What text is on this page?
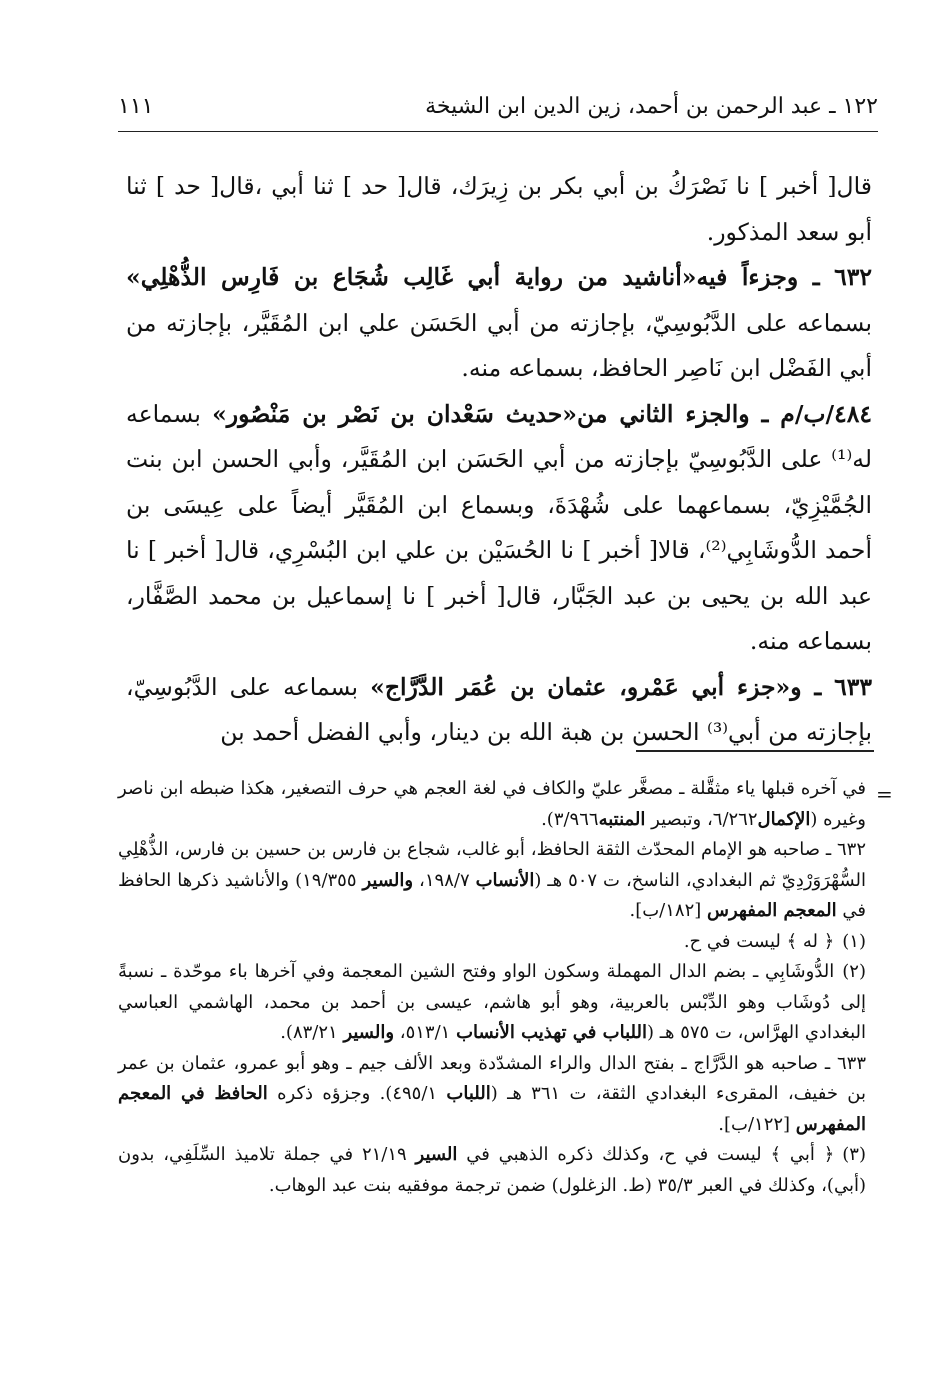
١٢٢ ـ عبد الرحمن بن أحمد، زين الدين ابن الشيخة
١١١

قال[ أخبر ] نا نَصْرَكُ بن أبي بكر بن زِيرَك، قال[ حد ] ثنا أبي ،قال[ حد ] ثنا أبو سعد المذكور.

٦٣٢ ـ وجزءاً فيه«أناشيد من رواية أبي غَالِب شُجَاع بن فَارِس الذُّهْلِي» بسماعه على الدَّبُوسِيّ، بإجازته من أبي الحَسَن علي ابن المُقَيَّر، بإجازته من أبي الفَضْل ابن نَاصِر الحافظ، بسماعه منه.

٤٨٤/ب/م ـ والجزء الثاني من«حديث سَعْدان بن نَصْر بن مَنْصُور» بسماعه له⁽¹⁾ على الدَّبُوسِيّ بإجازته من أبي الحَسَن ابن المُقَيَّر، وأبي الحسن ابن بنت الجُمَّيْزِيّ، بسماعهما على شُهْدَةَ، وبسماع ابن المُقَيَّر أيضاً على عِيسَى بن أحمد الدُّوشَابِي⁽²⁾، قالا[ أخبر ] نا الحُسَيْن بن علي ابن البُسْرِي، قال[ أخبر ] نا عبد الله بن يحيى بن عبد الجَبَّار، قال[ أخبر ] نا إسماعيل بن محمد الصَّفَّار، بسماعه منه.

٦٣٣ ـ و«جزء أبي عَمْرو، عثمان بن عُمَر الدَّرَّاج» بسماعه على الدَّبُوسِيّ، بإجازته من أبي⁽³⁾ الحسن بن هبة الله بن دينار، وأبي الفضل أحمد بن

=

في آخره قبلها ياء مثقَّلة ـ مصغَّر عليّ والكاف في لغة العجم هي حرف التصغير، هكذا ضبطه ابن ناصر وغيره (الإكمال٦/٢٦٢، وتبصير المنتبه٣/٩٦٦).

٦٣٢ ـ صاحبه هو الإمام المحدّث الثقة الحافظ، أبو غالب، شجاع بن فارس بن حسين بن فارس، الذُّهْلِي السُّهْرَوَرْدِيّ ثم البغدادي، الناسخ، ت ٥٠٧ هـ (الأنساب ١٩٨/٧، والسير ١٩/٣٥٥) والأناشيد ذكرها الحافظ في المعجم المفهرس [١٨٢/ب].

(١)﴿ له ﴾ ليست في ح.

(٢)الدُّوشَابِي ـ بضم الدال المهملة وسكون الواو وفتح الشين المعجمة وفي آخرها باء موحّدة ـ نسبةً إلى دُوشَاب وهو الدِّبْس بالعربية، وهو أبو هاشم، عيسى بن أحمد بن محمد، الهاشمي العباسي البغدادي الهرَّاس، ت ٥٧٥ هـ (اللباب في تهذيب الأنساب ٥١٣/١، والسير ٨٣/٢١).

٦٣٣ ـ صاحبه هو الدَّرَّاج ـ بفتح الدال والراء المشدّدة وبعد الألف جيم ـ وهو أبو عمرو، عثمان بن عمر بن خفيف، المقرىء البغدادي الثقة، ت ٣٦١ هـ (اللباب ٤٩٥/١). وجزؤه ذكره الحافظ في المعجم المفهرس [١٢٢/ب].

(٣)﴿ أبي ﴾ ليست في ح، وكذلك ذكره الذهبي في السير ٢١/١٩ في جملة تلاميذ السِّلَفِي، بدون (أبي)، وكذلك في العبر ٣٥/٣ (ط. الزغلول) ضمن ترجمة موفقيه بنت عبد الوهاب.
